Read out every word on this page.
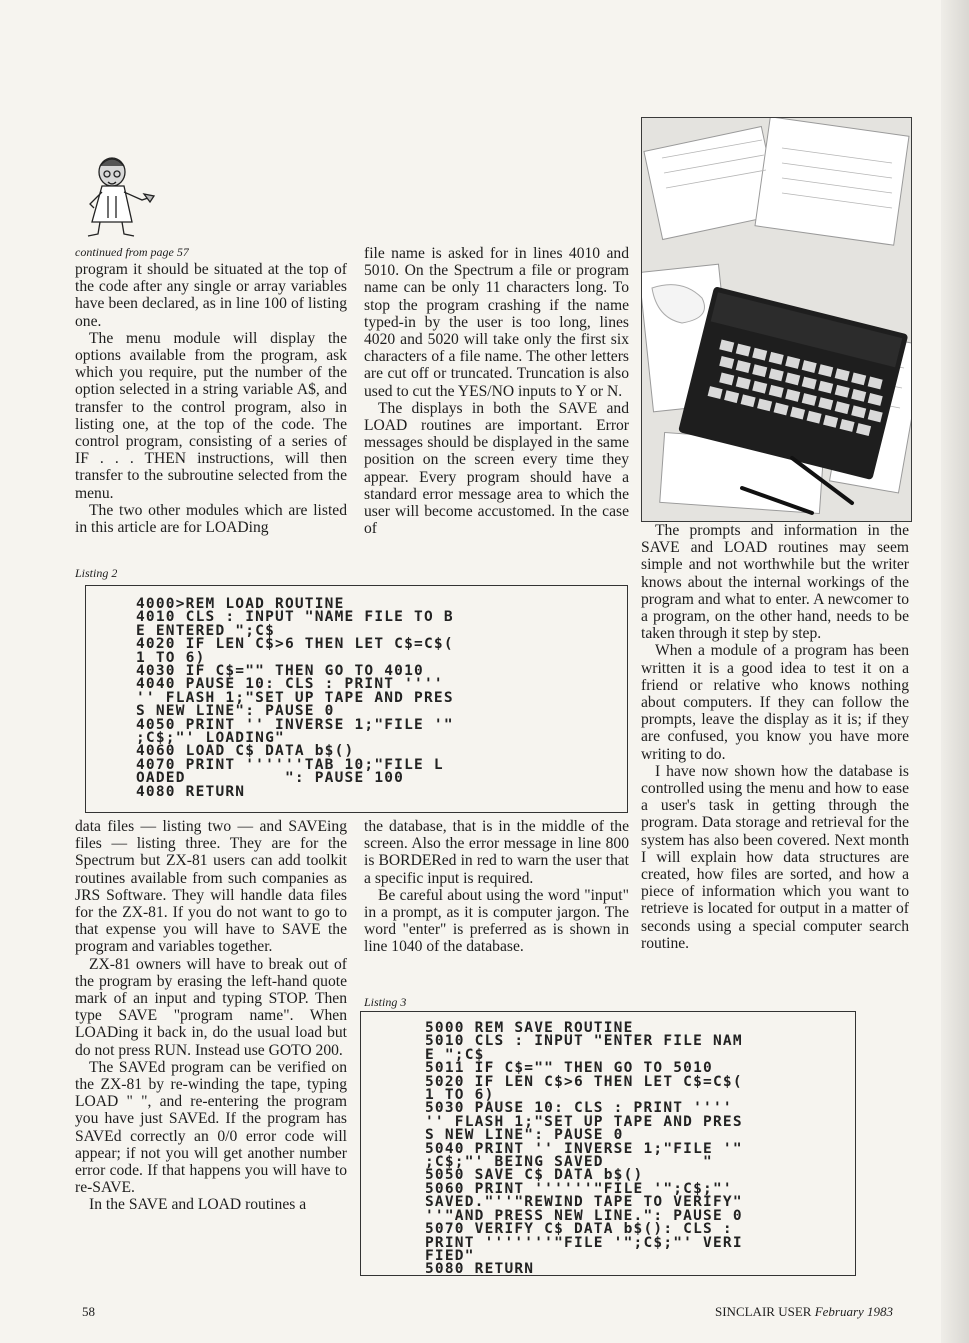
continued from page 57

program it should be situated at the top of the code after any single or array variables have been declared, as in line 100 of listing one.

The menu module will display the options available from the program, ask which you require, put the number of the option selected in a string variable A$, and transfer to the control program, also in listing one, at the top of the code. The control program, consisting of a series of IF . . . THEN instructions, will then transfer to the subroutine selected from the menu.

The two other modules which are listed in this article are for LOADing

Listing 2

file name is asked for in lines 4010 and 5010. On the Spectrum a file or program name can be only 11 characters long. To stop the program crashing if the name typed-in by the user is too long, lines 4020 and 5020 will take only the first six characters of a file name. The other letters are cut off or truncated. Truncation is also used to cut the YES/NO inputs to Y or N.

The displays in both the SAVE and LOAD routines are important. Error messages should be displayed in the same position on the screen every time they appear. Every program should have a standard error message area to which the user will become accustomed. In the case of	The prompts and information in the SAVE and LOAD routines may seem simple and not worthwhile but the writer knows about the internal workings of the program and what to enter. A newcomer to a program, on the other hand, needs to be taken through it step by step.

When a module of a program has been written it is a good idea to test it on a friend or relative who knows nothing about computers. If they can follow the prompts, leave the display as it is; if they are confused, you know you have more writing to do.

I have now shown how the database is controlled using the menu and how to ease a user's task in getting through the program. Data storage and retrieval for the system has also been covered. Next month I will explain how data structures are created, how files are sorted, and how a piece of information which you want to retrieve is located for output in a matter of seconds using a special computer search routine.

4000>REM LOAD ROUTINE
4010 CLS : INPUT "NAME FILE TO B
E ENTERED ";C$
4020 IF LEN C$>6 THEN LET C$=C$(
1 TO 6)
4030 IF C$="" THEN GO TO 4010
4040 PAUSE 10: CLS : PRINT ''''
'' FLASH 1;"SET UP TAPE AND PRES
S NEW LINE": PAUSE 0
4050 PRINT '' INVERSE 1;"FILE '"
;C$;"' LOADING"
4060 LOAD C$ DATA b$()
4070 PRINT ''''''TAB 10;"FILE L
OADED          ": PAUSE 100
4080 RETURN

data files — listing two — and SAVEing files — listing three. They are for the Spectrum but ZX-81 users can add toolkit routines available from such companies as JRS Software. They will handle data files for the ZX-81. If you do not want to go to that expense you will have to SAVE the program and variables together.

ZX-81 owners will have to break out of the program by erasing the left-hand quote mark of an input and typing STOP. Then type SAVE "program name". When LOADing it back in, do the usual load but do not press RUN. Instead use GOTO 200.

The SAVEd program can be verified on the ZX-81 by re-winding the tape, typing LOAD " ", and re-entering the program you have just SAVEd. If the program has SAVEd correctly an 0/0 error code will appear; if not you will get another number error code. If that happens you will have to re-SAVE.

In the SAVE and LOAD routines a

the database, that is in the middle of the screen. Also the error message in line 800 is BORDERed in red to warn the user that a specific input is required.

Be careful about using the word "input" in a prompt, as it is computer jargon. The word "enter" is preferred as is shown in line 1040 of the database.

Listing 3
5000 REM SAVE ROUTINE
5010 CLS : INPUT "ENTER FILE NAM
E ";C$
5011 IF C$="" THEN GO TO 5010
5020 IF LEN C$>6 THEN LET C$=C$(
1 TO 6)
5030 PAUSE 10: CLS : PRINT ''''
'' FLASH 1;"SET UP TAPE AND PRES
S NEW LINE": PAUSE 0
5040 PRINT '' INVERSE 1;"FILE '"
;C$;"' BEING SAVED          "
5050 SAVE C$ DATA b$()
5060 PRINT ''''''"FILE '";C$;"'
SAVED."''"REWIND TAPE TO VERIFY"
''"AND PRESS NEW LINE.": PAUSE 0
5070 VERIFY C$ DATA b$(): CLS :
PRINT '''''''"FILE '";C$;"' VERI
FIED"
5080 RETURN

58	SINCLAIR USER February 1983
